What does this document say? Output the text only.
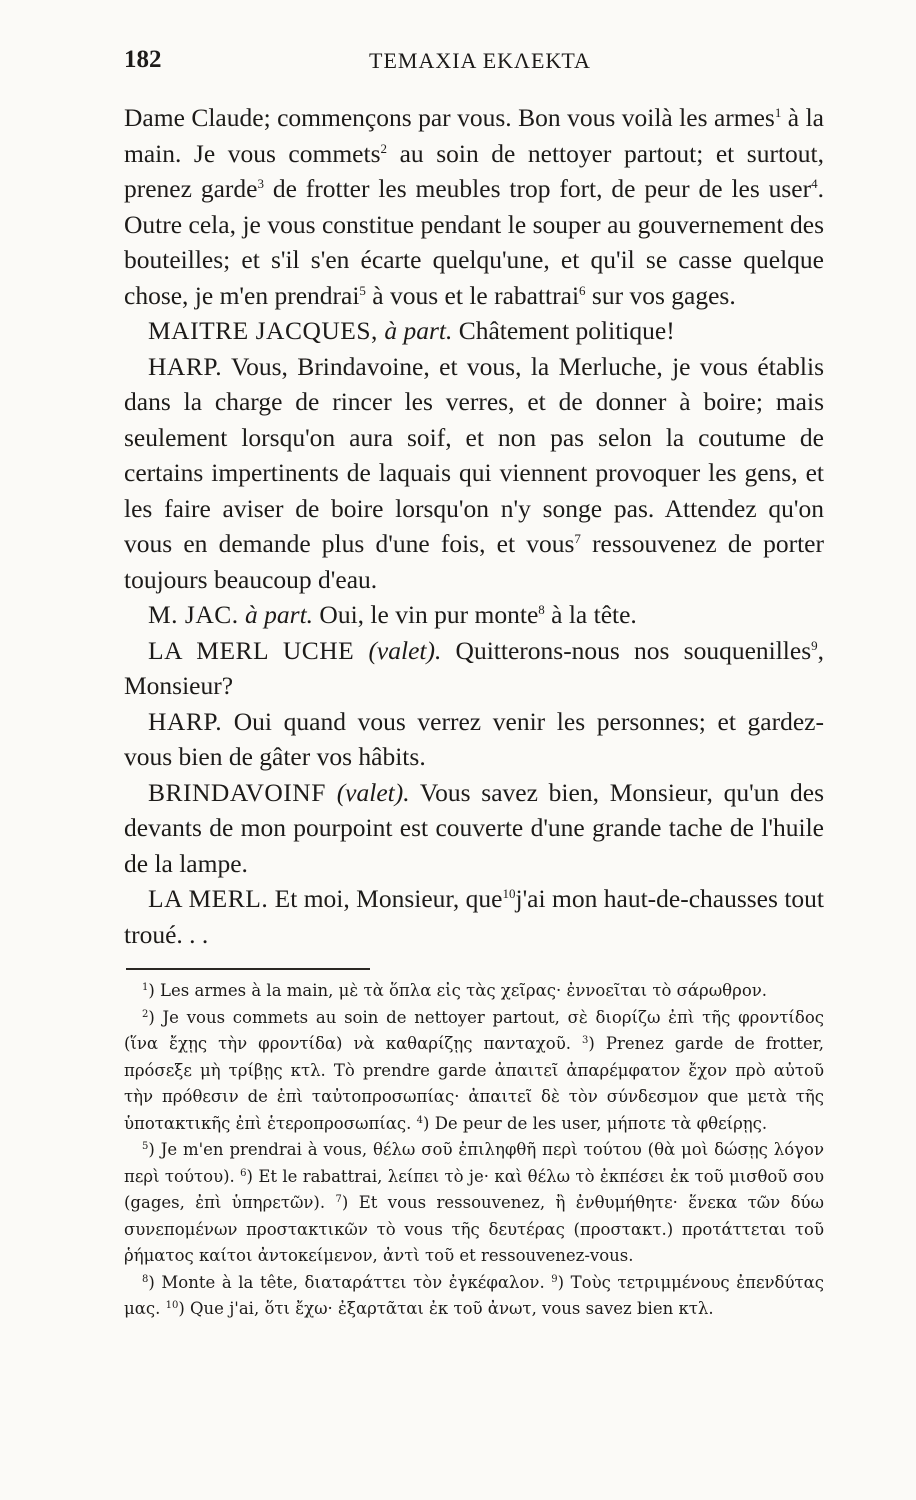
182	ΤΕΜΑΧΙΑ ΕΚΛΕΚΤΑ

Dame Claude; commençons par vous. Bon vous voilà les armes$^1$ à la main. Je vous commets$^2$ au soin de nettoyer partout; et surtout, prenez garde$^3$ de frotter les meubles trop fort, de peur de les user$^4$. Outre cela, je vous constitue pendant le souper au gouvernement des bouteilles; et s'il s'en écarte quelqu'une, et qu'il se casse quelque chose, je m'en prendrai$^5$ à vous et le rabattrai$^6$ sur vos gages.

MAITRE JACQUES, à part. Châtement politique!

HARP. Vous, Brindavoine, et vous, la Merluche, je vous établis dans la charge de rincer les verres, et de donner à boire; mais seulement lorsqu'on aura soif, et non pas selon la coutume de certains impertinents de laquais qui viennent provoquer les gens, et les faire aviser de boire lorsqu'on n'y songe pas. Attendez qu'on vous en demande plus d'une fois, et vous$^7$ ressouvenez de porter toujours beaucoup d'eau.

M. JAC. à part. Oui, le vin pur monte$^8$ à la tête.

LA MERL UCHE (valet). Quitterons-nous nos souquenilles$^9$, Monsieur?

HARP. Oui quand vous verrez venir les personnes; et gardez-vous bien de gâter vos hâbits.

BRINDAVOINF (valet). Vous savez bien, Monsieur, qu'un des devants de mon pourpoint est couverte d'une grande tache de l'huile de la lampe.

LA MERL. Et moi, Monsieur, que$^{10}$j'ai mon haut-de-chausses tout troué. . .

$^1$) Les armes à la main, μὲ τὰ ὅπλα εἰς τὰς χεῖρας· ἐννοεῖται τὸ σάρωθρον.

$^2$) Je vous commets au soin de nettoyer partout, σὲ διορίζω ἐπὶ τῆς φροντίδος (ἵνα ἔχῃς τὴν φροντίδα) νὰ καθαρίζῃς πανταχοῦ. $^3$) Prenez garde de frotter, πρόσεξε μὴ τρίβῃς κτλ. Τὸ prendre garde ἀπαιτεῖ ἀπαρέμφατον ἔχον πρὸ αὐτοῦ τὴν πρόθεσιν de ἐπὶ ταὐτοπροσωπίας· ἀπαιτεῖ δὲ τὸν σύνδεσμον que μετὰ τῆς ὑποτακτικῆς ἐπὶ ἑτεροπροσωπίας. $^4$) De peur de les user, μήποτε τὰ φθείρῃς.

$^5$) Je m'en prendrai à vous, θέλω σοῦ ἐπιληφθῆ περὶ τούτου (θὰ μοὶ δώσῃς λόγον περὶ τούτου). $^6$) Et le rabattrai, λείπει τὸ je· καὶ θέλω τὸ ἐκπέσει ἐκ τοῦ μισθοῦ σου (gages, ἐπὶ ὑπηρετῶν). $^7$) Et vous ressouvenez, ἢ ἐνθυμήθητε· ἕνεκα τῶν δύω συνεπομένων προστακτικῶν τὸ vous τῆς δευτέρας (προστακτ.) προτάττεται τοῦ ῥήματος καίτοι ἀντοκείμενον, ἀντὶ τοῦ et ressouvenez-vous.

$^8$) Monte à la tête, διαταράττει τὸν ἐγκέφαλον. $^9$) Τοὺς τετριμμένους ἐπενδύτας μας. $^{10}$) Que j'ai, ὅτι ἔχω· ἐξαρτᾶται ἐκ τοῦ ἀνωτ, vous savez bien κτλ.
